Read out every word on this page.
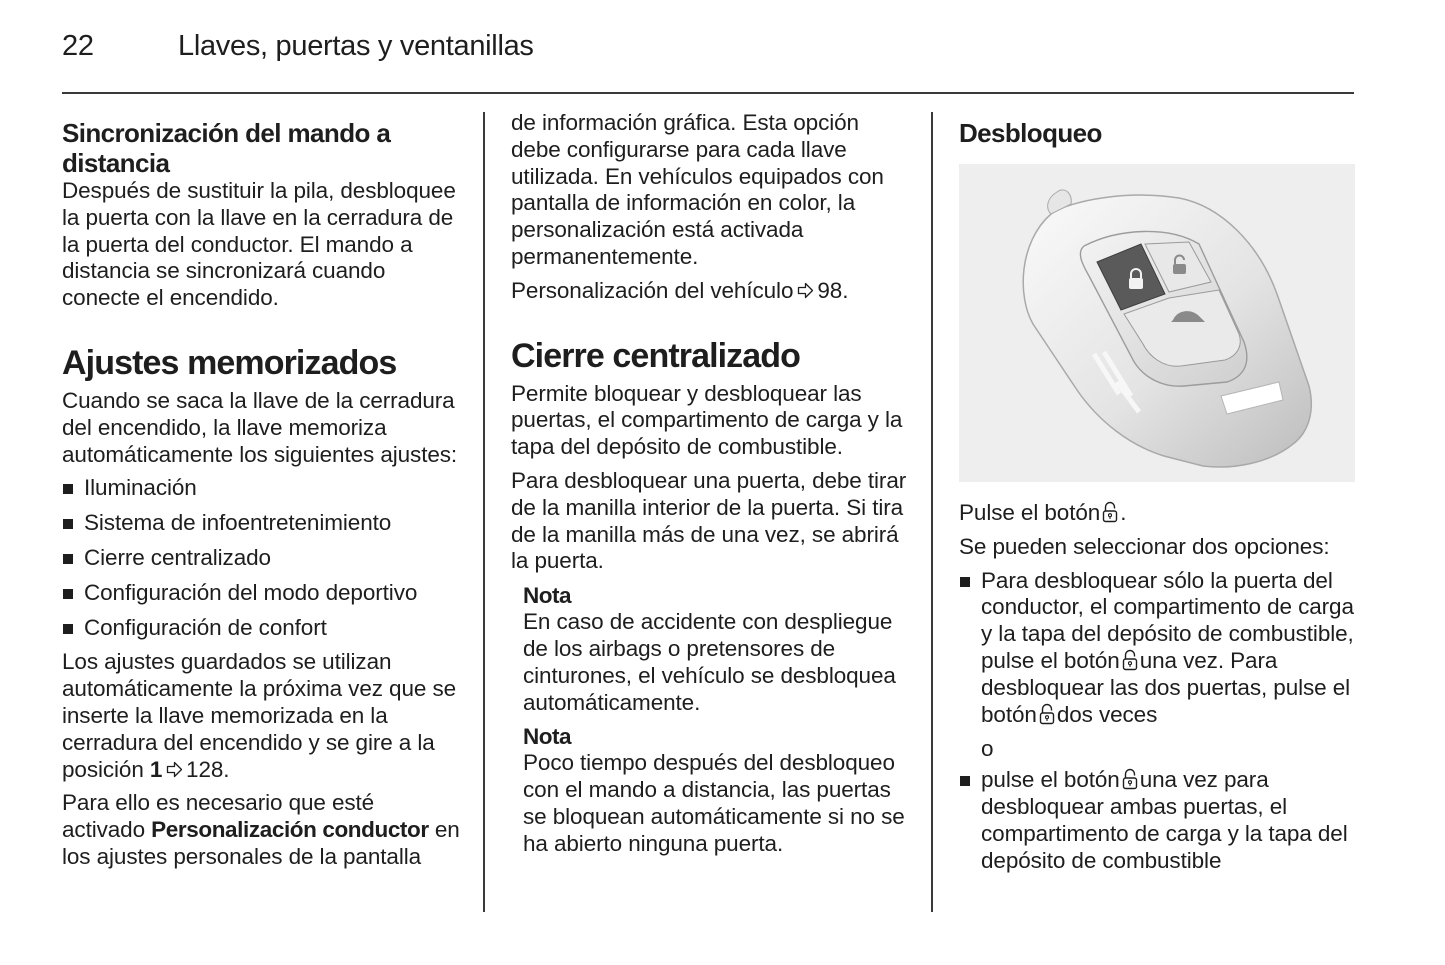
22	Llaves, puertas y ventanillas
Sincronización del mando a distancia

Después de sustituir la pila, desbloquee la puerta con la llave en la cerradura de la puerta del conductor. El mando a distancia se sincronizará cuando conecte el encendido.

Ajustes memorizados

Cuando se saca la llave de la cerradura del encendido, la llave memoriza automáticamente los siguientes ajustes:

Iluminación
Sistema de infoentretenimiento
Cierre centralizado
Configuración del modo deportivo
Configuración de confort

Los ajustes guardados se utilizan automáticamente la próxima vez que se inserte la llave memorizada en la cerradura del encendido y se gire a la posición 1 128.

Para ello es necesario que esté activado Personalización conductor en los ajustes personales de la pantalla

de información gráfica. Esta opción debe configurarse para cada llave utilizada. En vehículos equipados con pantalla de información en color, la personalización está activada permanentemente.

Personalización del vehículo 98.

Cierre centralizado

Permite bloquear y desbloquear las puertas, el compartimento de carga y la tapa del depósito de combustible.

Para desbloquear una puerta, debe tirar de la manilla interior de la puerta. Si tira de la manilla más de una vez, se abrirá la puerta.

Nota

En caso de accidente con despliegue de los airbags o pretensores de cinturones, el vehículo se desbloquea automáticamente.

Nota

Poco tiempo después del desbloqueo con el mando a distancia, las puertas se bloquean automáticamente si no se ha abierto ninguna puerta.

Desbloqueo

Pulse el botón .

Se pueden seleccionar dos opciones:

Para desbloquear sólo la puerta del conductor, el compartimento de carga y la tapa del depósito de combustible, pulse el botón una vez. Para desbloquear las dos puertas, pulse el botón dos veces

o

pulse el botón una vez para desbloquear ambas puertas, el compartimento de carga y la tapa del depósito de combustible
